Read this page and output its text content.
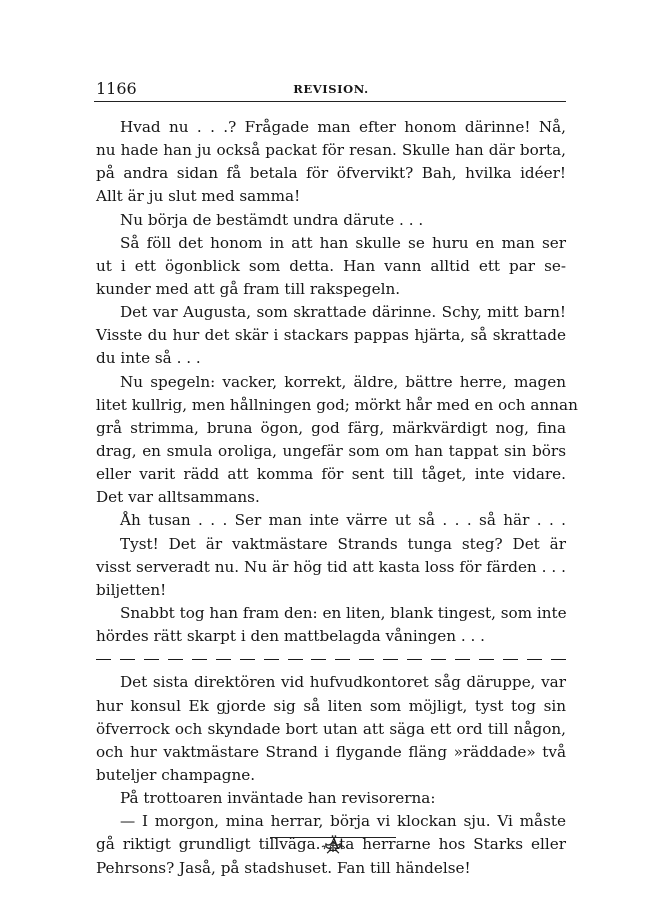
1166	REVISION.
Hvad nu . . .? Frågade man efter honom därinne! Nå,
nu hade han ju också packat för resan. Skulle han där borta,
på andra sidan få betala för öfvervikt? Bah, hvilka idéer!
Allt är ju slut med samma!
Nu börja de bestämdt undra därute . . .
Så föll det honom in att han skulle se huru en man ser
ut i ett ögonblick som detta. Han vann alltid ett par se-
kunder med att gå fram till rakspegeln.
Det var Augusta, som skrattade därinne. Schy, mitt barn!
Visste du hur det skär i stackars pappas hjärta, så skrattade
du inte så . . .
Nu spegeln: vacker, korrekt, äldre, bättre herre, magen
litet kullrig, men hållningen god; mörkt hår med en och annan
grå strimma, bruna ögon, god färg, märkvärdigt nog, fina
drag, en smula oroliga, ungefär som om han tappat sin börs
eller varit rädd att komma för sent till tåget, inte vidare.
Det var alltsammans.
Åh tusan . . . Ser man inte värre ut så . . . så här . . .
Tyst! Det är vaktmästare Strands tunga steg? Det är
visst serveradt nu. Nu är hög tid att kasta loss för färden . . .
biljetten!
Snabbt tog han fram den: en liten, blank tingest, som inte
hördes rätt skarpt i den mattbelagda våningen . . .
Det sista direktören vid hufvudkontoret såg däruppe, var
hur konsul Ek gjorde sig så liten som möjligt, tyst tog sin
öfverrock och skyndade bort utan att säga ett ord till någon,
och hur vaktmästare Strand i flygande fläng »räddade» två
buteljer champagne.
På trottoaren inväntade han revisorerna:
— I morgon, mina herrar, börja vi klockan sju. Vi måste
gå riktigt grundligt tillväga. Äta herrarne hos Starks eller
Pehrsons? Jaså, på stadshuset. Fan till händelse!
